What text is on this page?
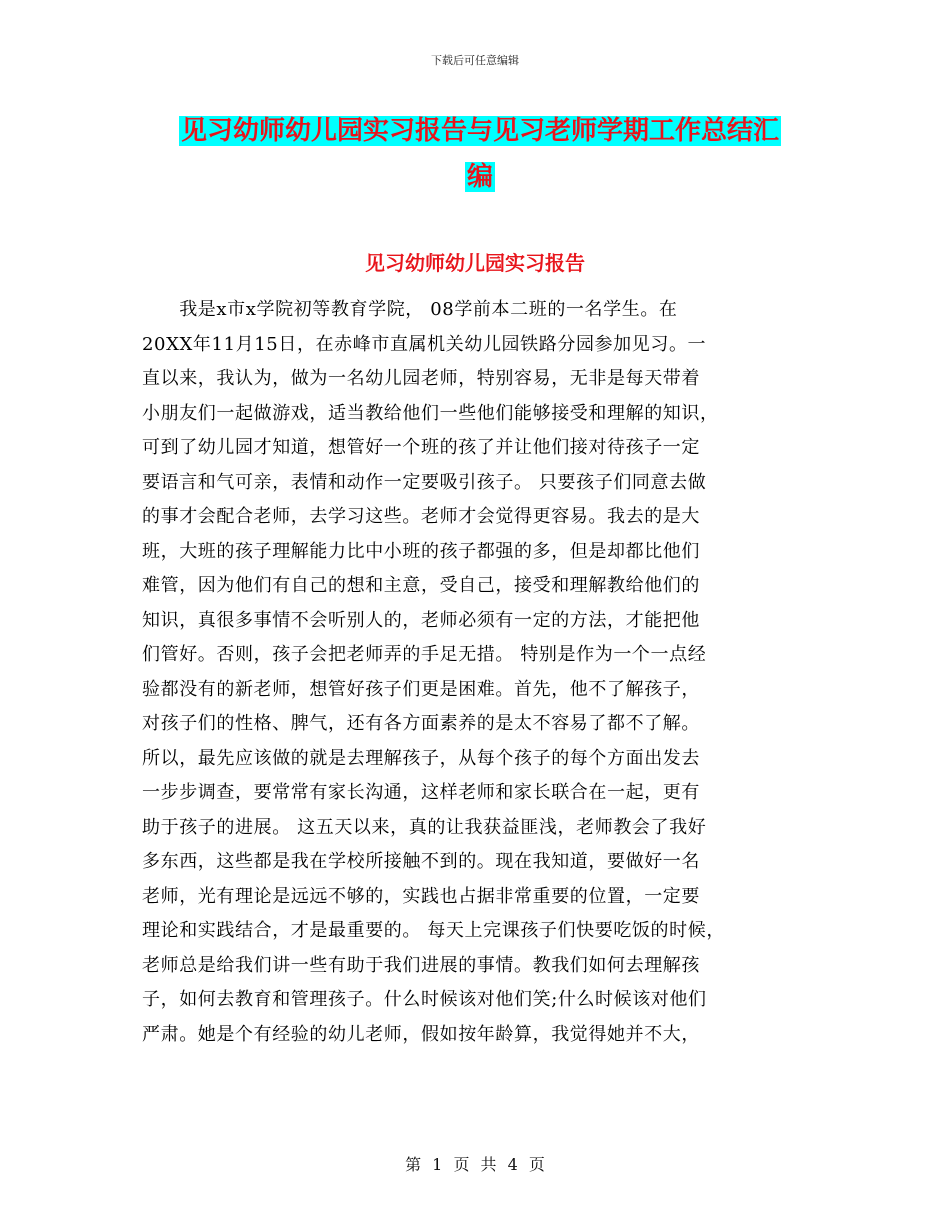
下载后可任意编辑
见习幼师幼儿园实习报告与见习老师学期工作总结汇
编
见习幼师幼儿园实习报告
　　我是x市x学院初等教育学院， 08学前本二班的一名学生。在
20XX年11月15日，在赤峰市直属机关幼儿园铁路分园参加见习。一
直以来，我认为，做为一名幼儿园老师，特别容易，无非是每天带着
小朋友们一起做游戏，适当教给他们一些他们能够接受和理解的知识，
可到了幼儿园才知道，想管好一个班的孩了并让他们接对待孩子一定
要语言和气可亲，表情和动作一定要吸引孩子。 只要孩子们同意去做
的事才会配合老师，去学习这些。老师才会觉得更容易。我去的是大
班，大班的孩子理解能力比中小班的孩子都强的多，但是却都比他们
难管，因为他们有自己的想和主意，受自己，接受和理解教给他们的
知识，真很多事情不会听别人的，老师必须有一定的方法，才能把他
们管好。否则，孩子会把老师弄的手足无措。 特别是作为一个一点经
验都没有的新老师，想管好孩子们更是困难。首先，他不了解孩子，
对孩子们的性格、脾气，还有各方面素养的是太不容易了都不了解。
所以，最先应该做的就是去理解孩子，从每个孩子的每个方面出发去
一步步调查，要常常有家长沟通，这样老师和家长联合在一起，更有
助于孩子的进展。 这五天以来，真的让我获益匪浅，老师教会了我好
多东西，这些都是我在学校所接触不到的。现在我知道，要做好一名
老师，光有理论是远远不够的，实践也占据非常重要的位置，一定要
理论和实践结合，才是最重要的。 每天上完课孩子们快要吃饭的时候，
老师总是给我们讲一些有助于我们进展的事情。教我们如何去理解孩
子，如何去教育和管理孩子。什么时候该对他们笑;什么时候该对他们
严肃。她是个有经验的幼儿老师，假如按年龄算，我觉得她并不大，
第 1 页 共 4 页
